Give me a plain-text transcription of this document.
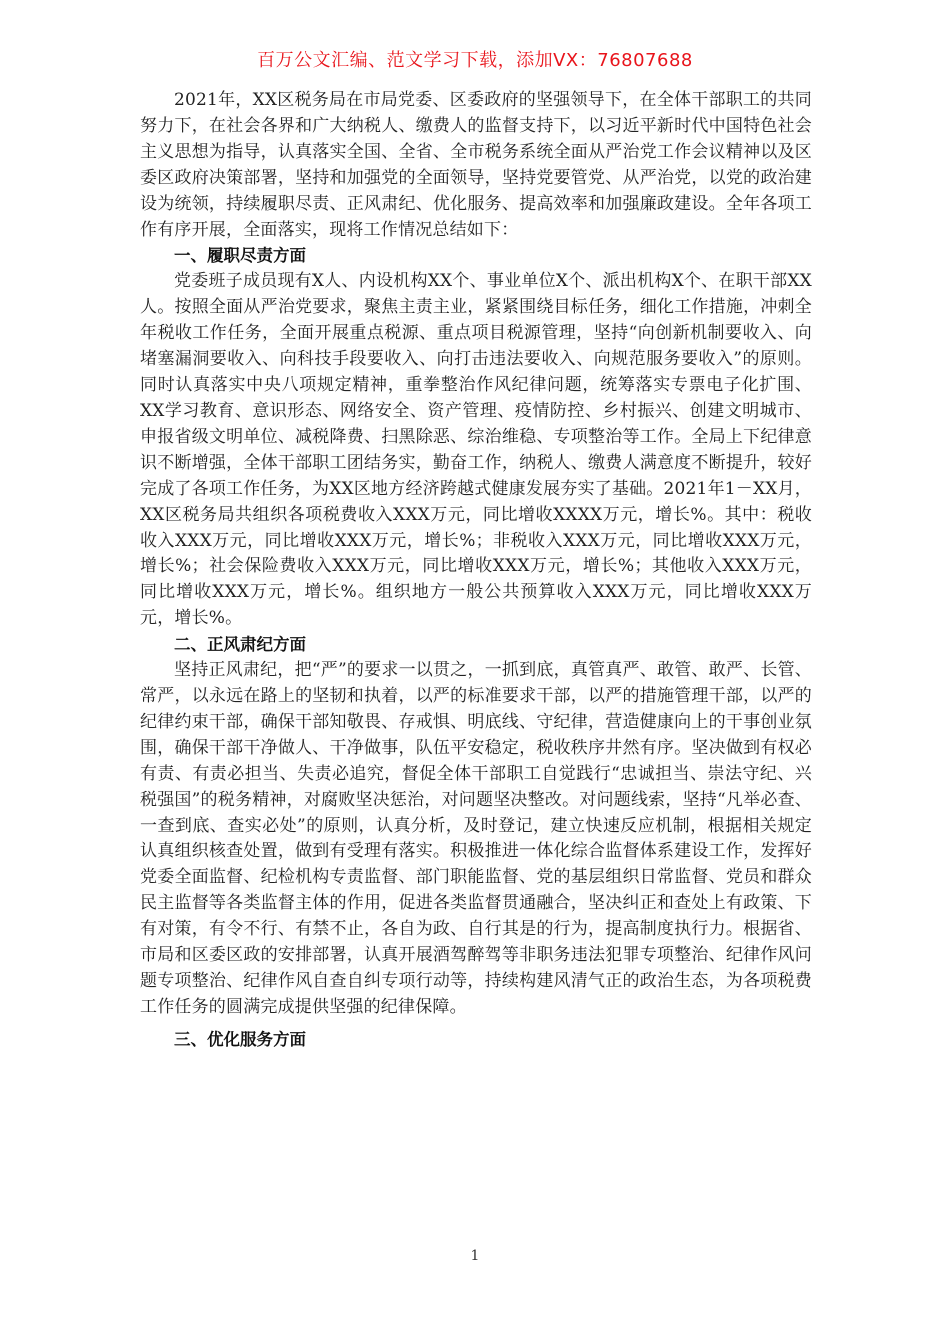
百万公文汇编、范文学习下载，添加VX：76807688

2021年，XX区税务局在市局党委、区委政府的坚强领导下，在全体干部职工的共同努力下，在社会各界和广大纳税人、缴费人的监督支持下，以习近平新时代中国特色社会主义思想为指导，认真落实全国、全省、全市税务系统全面从严治党工作会议精神以及区委区政府决策部署，坚持和加强党的全面领导，坚持党要管党、从严治党，以党的政治建设为统领，持续履职尽责、正风肃纪、优化服务、提高效率和加强廉政建设。全年各项工作有序开展，全面落实，现将工作情况总结如下：

一、履职尽责方面

党委班子成员现有X人、内设机构XX个、事业单位X个、派出机构X个、在职干部XX人。按照全面从严治党要求，聚焦主责主业，紧紧围绕目标任务，细化工作措施，冲刺全年税收工作任务，全面开展重点税源、重点项目税源管理，坚持“向创新机制要收入、向堵塞漏洞要收入、向科技手段要收入、向打击违法要收入、向规范服务要收入”的原则。同时认真落实中央八项规定精神，重拳整治作风纪律问题，统筹落实专票电子化扩围、XX学习教育、意识形态、网络安全、资产管理、疫情防控、乡村振兴、创建文明城市、申报省级文明单位、减税降费、扫黑除恶、综治维稳、专项整治等工作。全局上下纪律意识不断增强，全体干部职工团结务实，勤奋工作，纳税人、缴费人满意度不断提升，较好完成了各项工作任务，为XX区地方经济跨越式健康发展夯实了基础。2021年1－XX月，XX区税务局共组织各项税费收入XXX万元，同比增收XXXX万元，增长%。其中：税收收入XXX万元，同比增收XXX万元，增长%；非税收入XXX万元，同比增收XXX万元，增长%；社会保险费收入XXX万元，同比增收XXX万元，增长%；其他收入XXX万元，同比增收XXX万元，增长%。组织地方一般公共预算收入XXX万元，同比增收XXX万元，增长%。

二、正风肃纪方面

坚持正风肃纪，把“严”的要求一以贯之，一抓到底，真管真严、敢管、敢严、长管、常严，以永远在路上的坚韧和执着，以严的标准要求干部，以严的措施管理干部，以严的纪律约束干部，确保干部知敬畏、存戒惧、明底线、守纪律，营造健康向上的干事创业氛围，确保干部干净做人、干净做事，队伍平安稳定，税收秩序井然有序。坚决做到有权必有责、有责必担当、失责必追究，督促全体干部职工自觉践行“忠诚担当、崇法守纪、兴税强国”的税务精神，对腐败坚决惩治，对问题坚决整改。对问题线索，坚持“凡举必查、一查到底、查实必处”的原则，认真分析，及时登记，建立快速反应机制，根据相关规定认真组织核查处置，做到有受理有落实。积极推进一体化综合监督体系建设工作，发挥好党委全面监督、纪检机构专责监督、部门职能监督、党的基层组织日常监督、党员和群众民主监督等各类监督主体的作用，促进各类监督贯通融合，坚决纠正和查处上有政策、下有对策，有令不行、有禁不止，各自为政、自行其是的行为，提高制度执行力。根据省、市局和区委区政的安排部署，认真开展酒驾醉驾等非职务违法犯罪专项整治、纪律作风问题专项整治、纪律作风自查自纠专项行动等，持续构建风清气正的政治生态，为各项税费工作任务的圆满完成提供坚强的纪律保障。

三、优化服务方面
1
